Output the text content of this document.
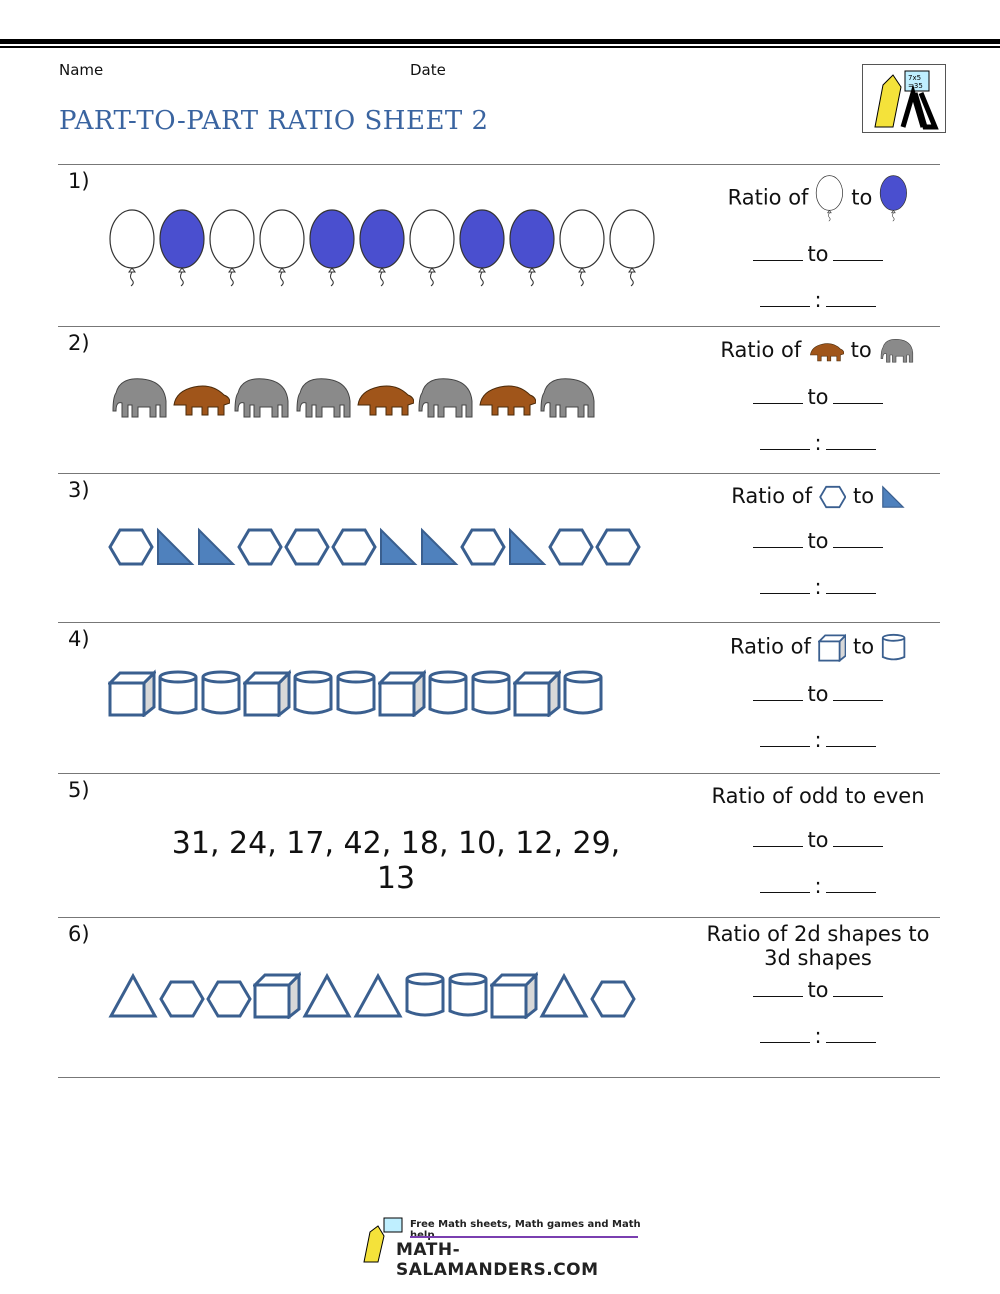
Name	Date
PART-TO-PART RATIO SHEET 2
7x5
=35
1)
Ratio of to
to
:
2)	Ratio of to
to
:
3)	Ratio of to
to
:
4)	Ratio of to
to
:
5)
31, 24, 17, 42, 18, 10, 12, 29, 13
Ratio of odd to even
to
:
6)	Ratio of 2d shapes to
3d shapes
to
:
Free Math sheets, Math games and Math
MATH-SALAMANDERS.COM
